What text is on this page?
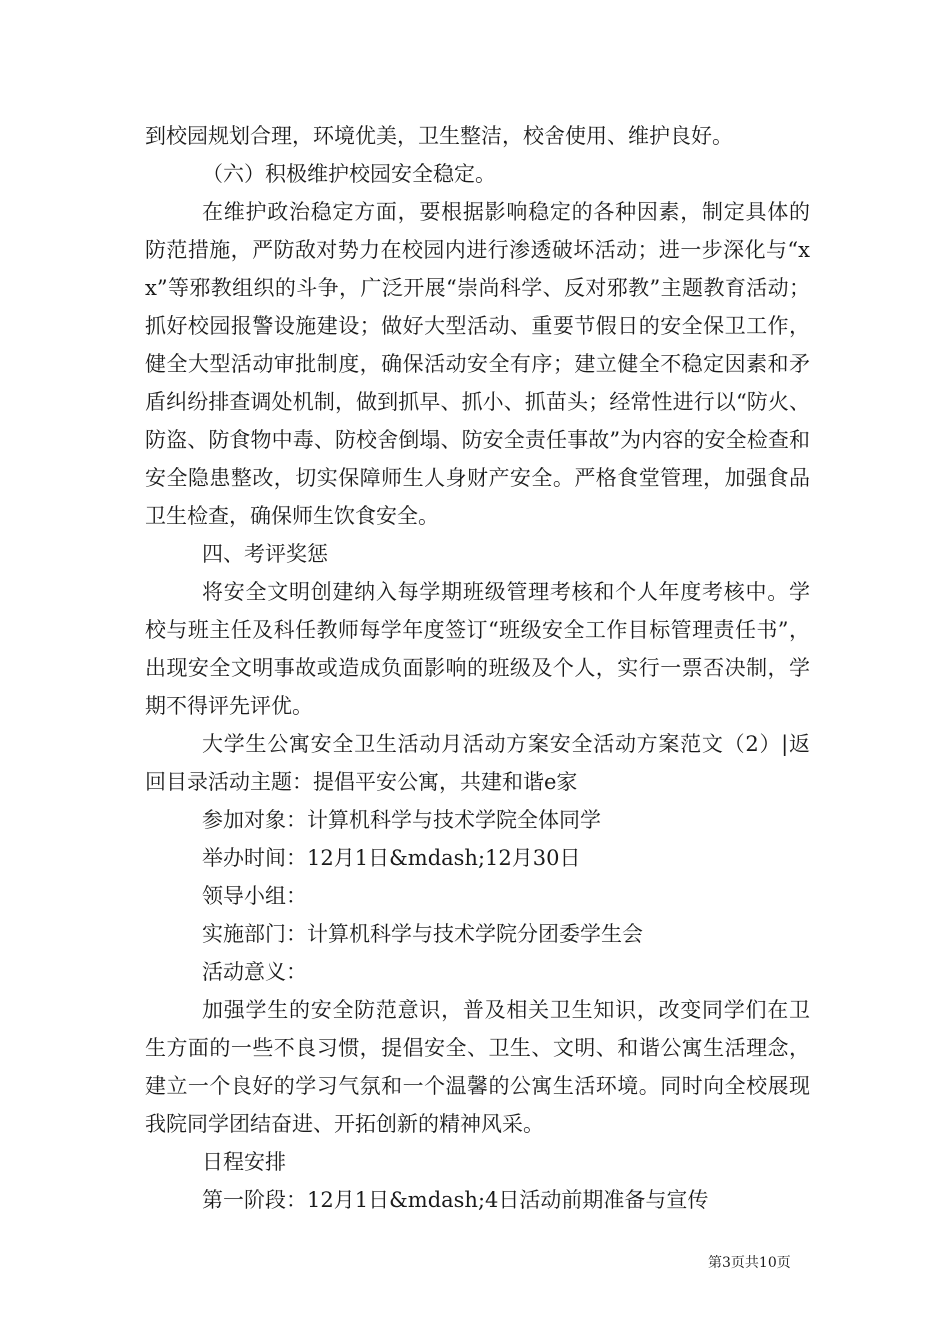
到校园规划合理，环境优美，卫生整洁，校舍使用、维护良好。

（六）积极维护校园安全稳定。

在维护政治稳定方面，要根据影响稳定的各种因素，制定具体的防范措施，严防敌对势力在校园内进行渗透破坏活动；进一步深化与“xx”等邪教组织的斗争，广泛开展“崇尚科学、反对邪教”主题教育活动；抓好校园报警设施建设；做好大型活动、重要节假日的安全保卫工作，健全大型活动审批制度，确保活动安全有序；建立健全不稳定因素和矛盾纠纷排查调处机制，做到抓早、抓小、抓苗头；经常性进行以“防火、防盗、防食物中毒、防校舍倒塌、防安全责任事故”为内容的安全检查和安全隐患整改，切实保障师生人身财产安全。严格食堂管理，加强食品卫生检查，确保师生饮食安全。

四、考评奖惩

将安全文明创建纳入每学期班级管理考核和个人年度考核中。学校与班主任及科任教师每学年度签订“班级安全工作目标管理责任书”，出现安全文明事故或造成负面影响的班级及个人，实行一票否决制，学期不得评先评优。

大学生公寓安全卫生活动月活动方案安全活动方案范文（2）|返回目录活动主题：提倡平安公寓，共建和谐e家

参加对象：计算机科学与技术学院全体同学

举办时间：12月1日&mdash;12月30日

领导小组：

实施部门：计算机科学与技术学院分团委学生会

活动意义：

加强学生的安全防范意识，普及相关卫生知识，改变同学们在卫生方面的一些不良习惯，提倡安全、卫生、文明、和谐公寓生活理念，建立一个良好的学习气氛和一个温馨的公寓生活环境。同时向全校展现我院同学团结奋进、开拓创新的精神风采。

日程安排

第一阶段：12月1日&mdash;4日活动前期准备与宣传

第3页共10页
